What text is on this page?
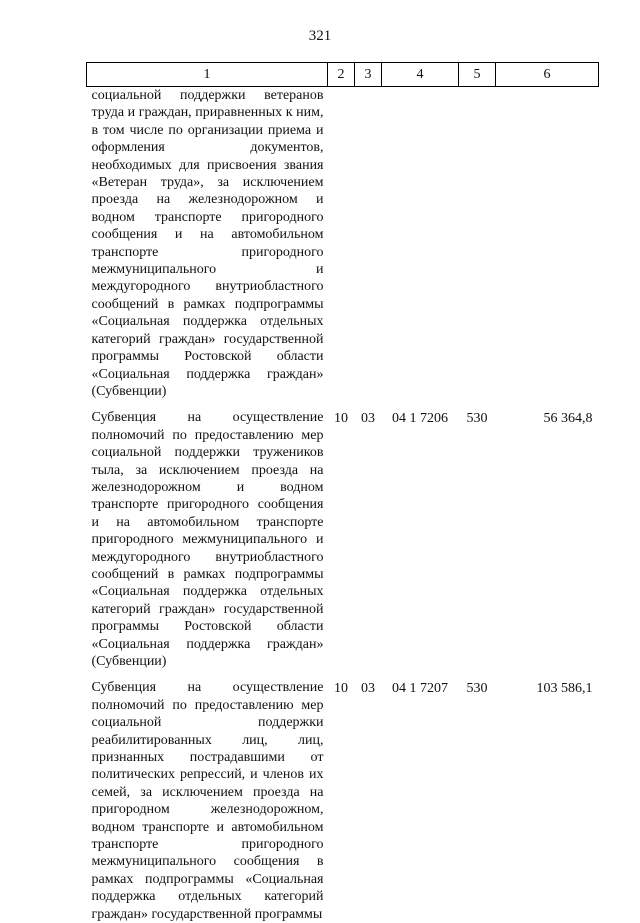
321
1	2	3	4	5	6
социальной поддержки ветеранов труда и граждан, приравненных к ним, в том числе по организации приема и оформления документов, необходимых для присвоения звания «Ветеран труда», за исключением проезда на железнодорожном и водном транспорте пригородного сообщения и на автомобильном транспорте пригородного межмуниципального и междугородного внутриобластного сообщений в рамках подпрограммы «Социальная поддержка отдельных категорий граждан» государственной программы Ростовской области «Социальная поддержка граждан» (Субвенции)					
Субвенция на осуществление полномочий по предоставлению мер социальной поддержки тружеников тыла, за исключением проезда на железнодорожном и водном транспорте пригородного сообщения и на автомобильном транспорте пригородного межмуниципального и междугородного внутриобластного сообщений в рамках подпрограммы «Социальная поддержка отдельных категорий граждан» государственной программы Ростовской области «Социальная поддержка граждан» (Субвенции)	10	03	04 1 7206	530	56 364,8
Субвенция на осуществление полномочий по предоставлению мер социальной поддержки реабилитированных лиц, лиц, признанных пострадавшими от политических репрессий, и членов их семей, за исключением проезда на пригородном железнодорожном, водном транспорте и автомобильном транспорте пригородного межмуниципального сообщения в рамках подпрограммы «Социальная поддержка отдельных категорий граждан» государственной программы	10	03	04 1 7207	530	103 586,1
